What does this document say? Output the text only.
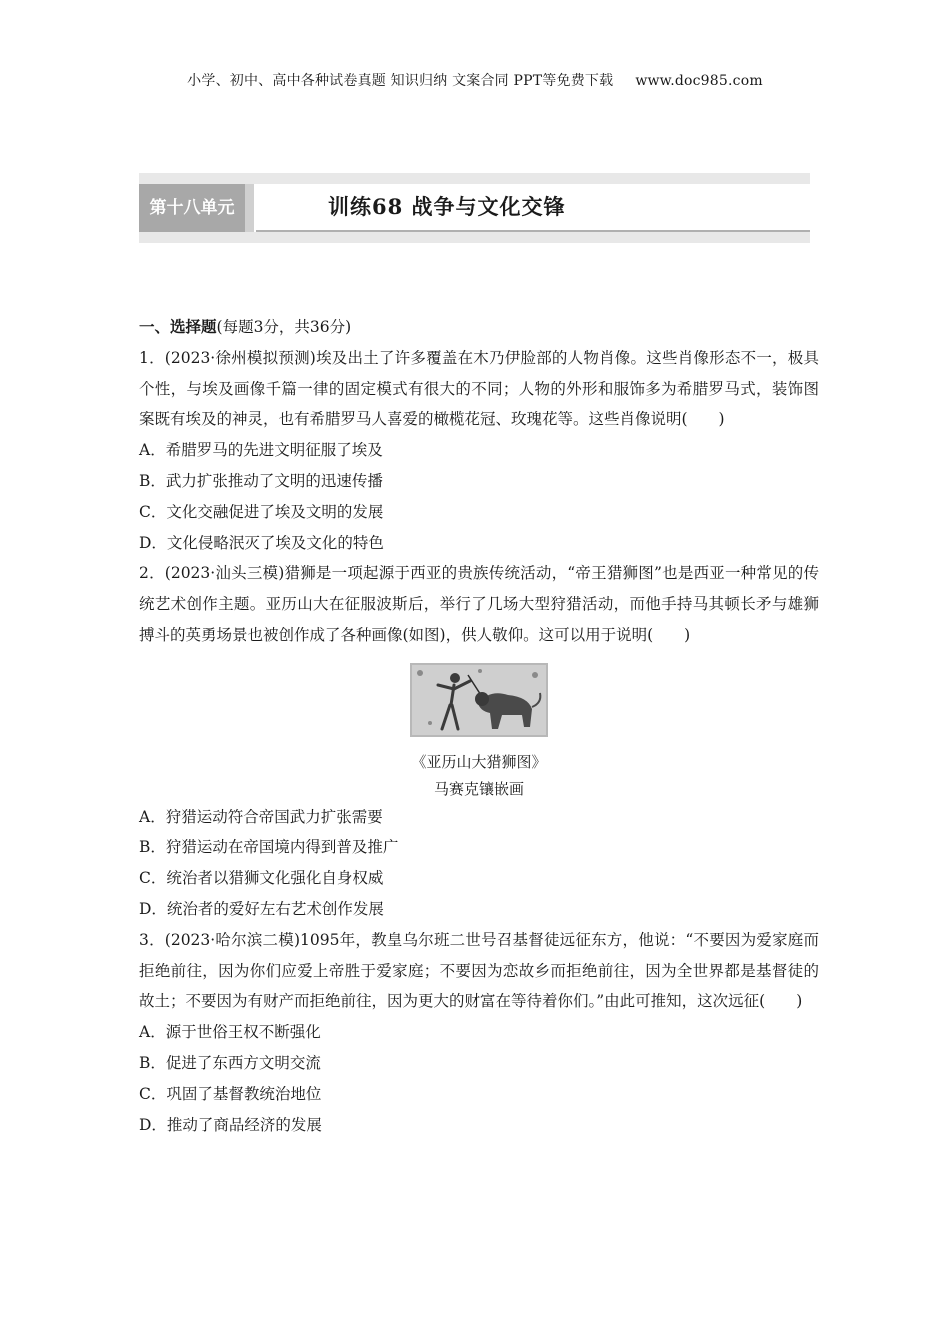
小学、初中、高中各种试卷真题 知识归纳 文案合同 PPT等免费下载 www.doc985.com
第十八单元	训练68 战争与文化交锋
一、选择题(每题3分，共36分)
1．(2023·徐州模拟预测)埃及出土了许多覆盖在木乃伊脸部的人物肖像。这些肖像形态不一，极具个性，与埃及画像千篇一律的固定模式有很大的不同；人物的外形和服饰多为希腊罗马式，装饰图案既有埃及的神灵，也有希腊罗马人喜爱的橄榄花冠、玫瑰花等。这些肖像说明(　　)
A．希腊罗马的先进文明征服了埃及
B．武力扩张推动了文明的迅速传播
C．文化交融促进了埃及文明的发展
D．文化侵略泯灭了埃及文化的特色
2．(2023·汕头三模)猎狮是一项起源于西亚的贵族传统活动，“帝王猎狮图”也是西亚一种常见的传统艺术创作主题。亚历山大在征服波斯后，举行了几场大型狩猎活动，而他手持马其顿长矛与雄狮搏斗的英勇场景也被创作成了各种画像(如图)，供人敬仰。这可以用于说明(　　)
《亚历山大猎狮图》
马赛克镶嵌画
A．狩猎运动符合帝国武力扩张需要
B．狩猎运动在帝国境内得到普及推广
C．统治者以猎狮文化强化自身权威
D．统治者的爱好左右艺术创作发展
3．(2023·哈尔滨二模)1095年，教皇乌尔班二世号召基督徒远征东方，他说：“不要因为爱家庭而拒绝前往，因为你们应爱上帝胜于爱家庭；不要因为恋故乡而拒绝前往，因为全世界都是基督徒的故土；不要因为有财产而拒绝前往，因为更大的财富在等待着你们。”由此可推知，这次远征(　　)
A．源于世俗王权不断强化
B．促进了东西方文明交流
C．巩固了基督教统治地位
D．推动了商品经济的发展
